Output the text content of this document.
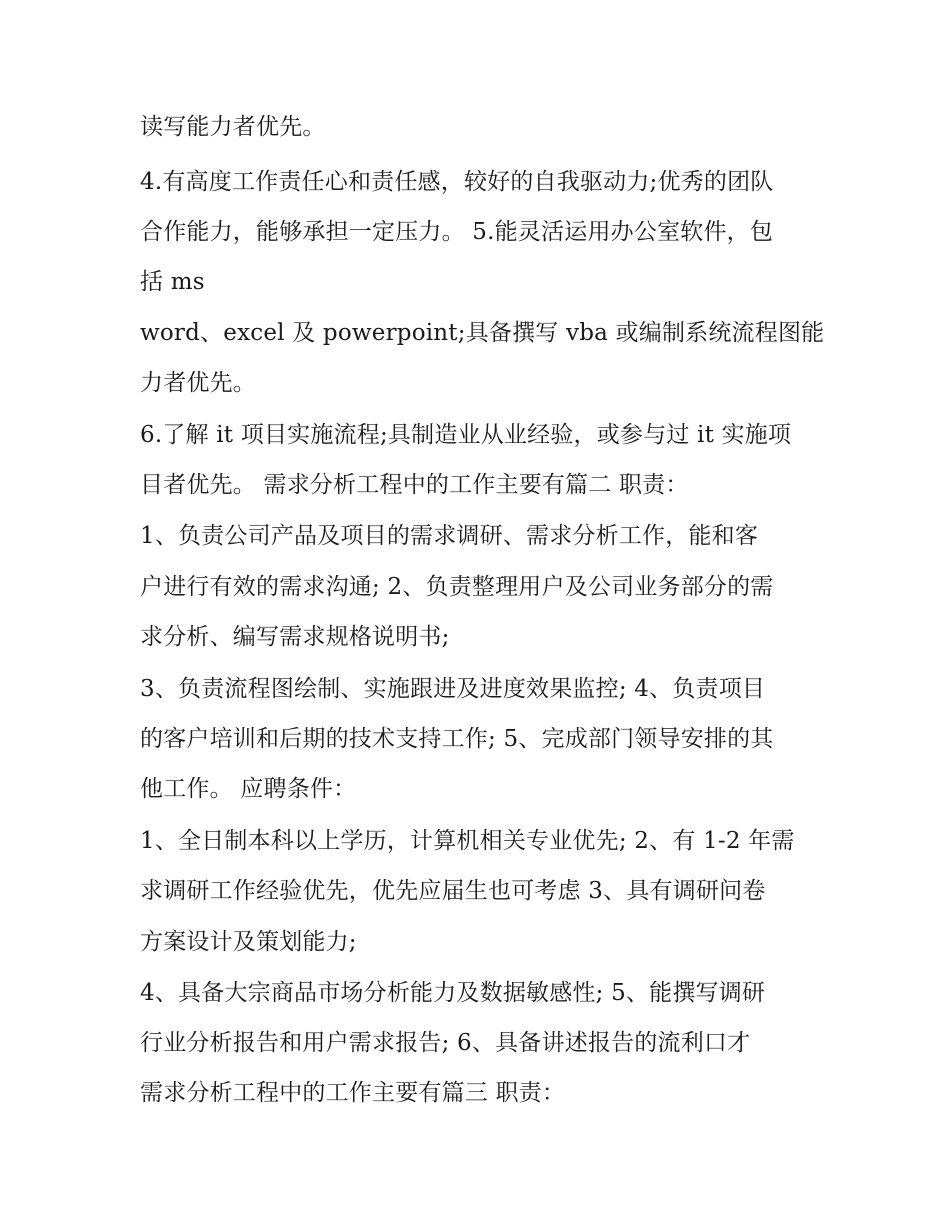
读写能力者优先。
4.有高度工作责任心和责任感，较好的自我驱动力;优秀的团队
合作能力，能够承担一定压力。 5.能灵活运用办公室软件，包
括 ms
word、excel 及 powerpoint;具备撰写 vba 或编制系统流程图能
力者优先。
6.了解 it 项目实施流程;具制造业从业经验，或参与过 it 实施项
目者优先。 需求分析工程中的工作主要有篇二 职责：
1、负责公司产品及项目的需求调研、需求分析工作，能和客
户进行有效的需求沟通; 2、负责整理用户及公司业务部分的需
求分析、编写需求规格说明书;
3、负责流程图绘制、实施跟进及进度效果监控; 4、负责项目
的客户培训和后期的技术支持工作; 5、完成部门领导安排的其
他工作。 应聘条件：
1、全日制本科以上学历，计算机相关专业优先; 2、有 1-2 年需
求调研工作经验优先，优先应届生也可考虑 3、具有调研问卷
方案设计及策划能力;
4、具备大宗商品市场分析能力及数据敏感性; 5、能撰写调研
行业分析报告和用户需求报告; 6、具备讲述报告的流利口才
需求分析工程中的工作主要有篇三 职责：
